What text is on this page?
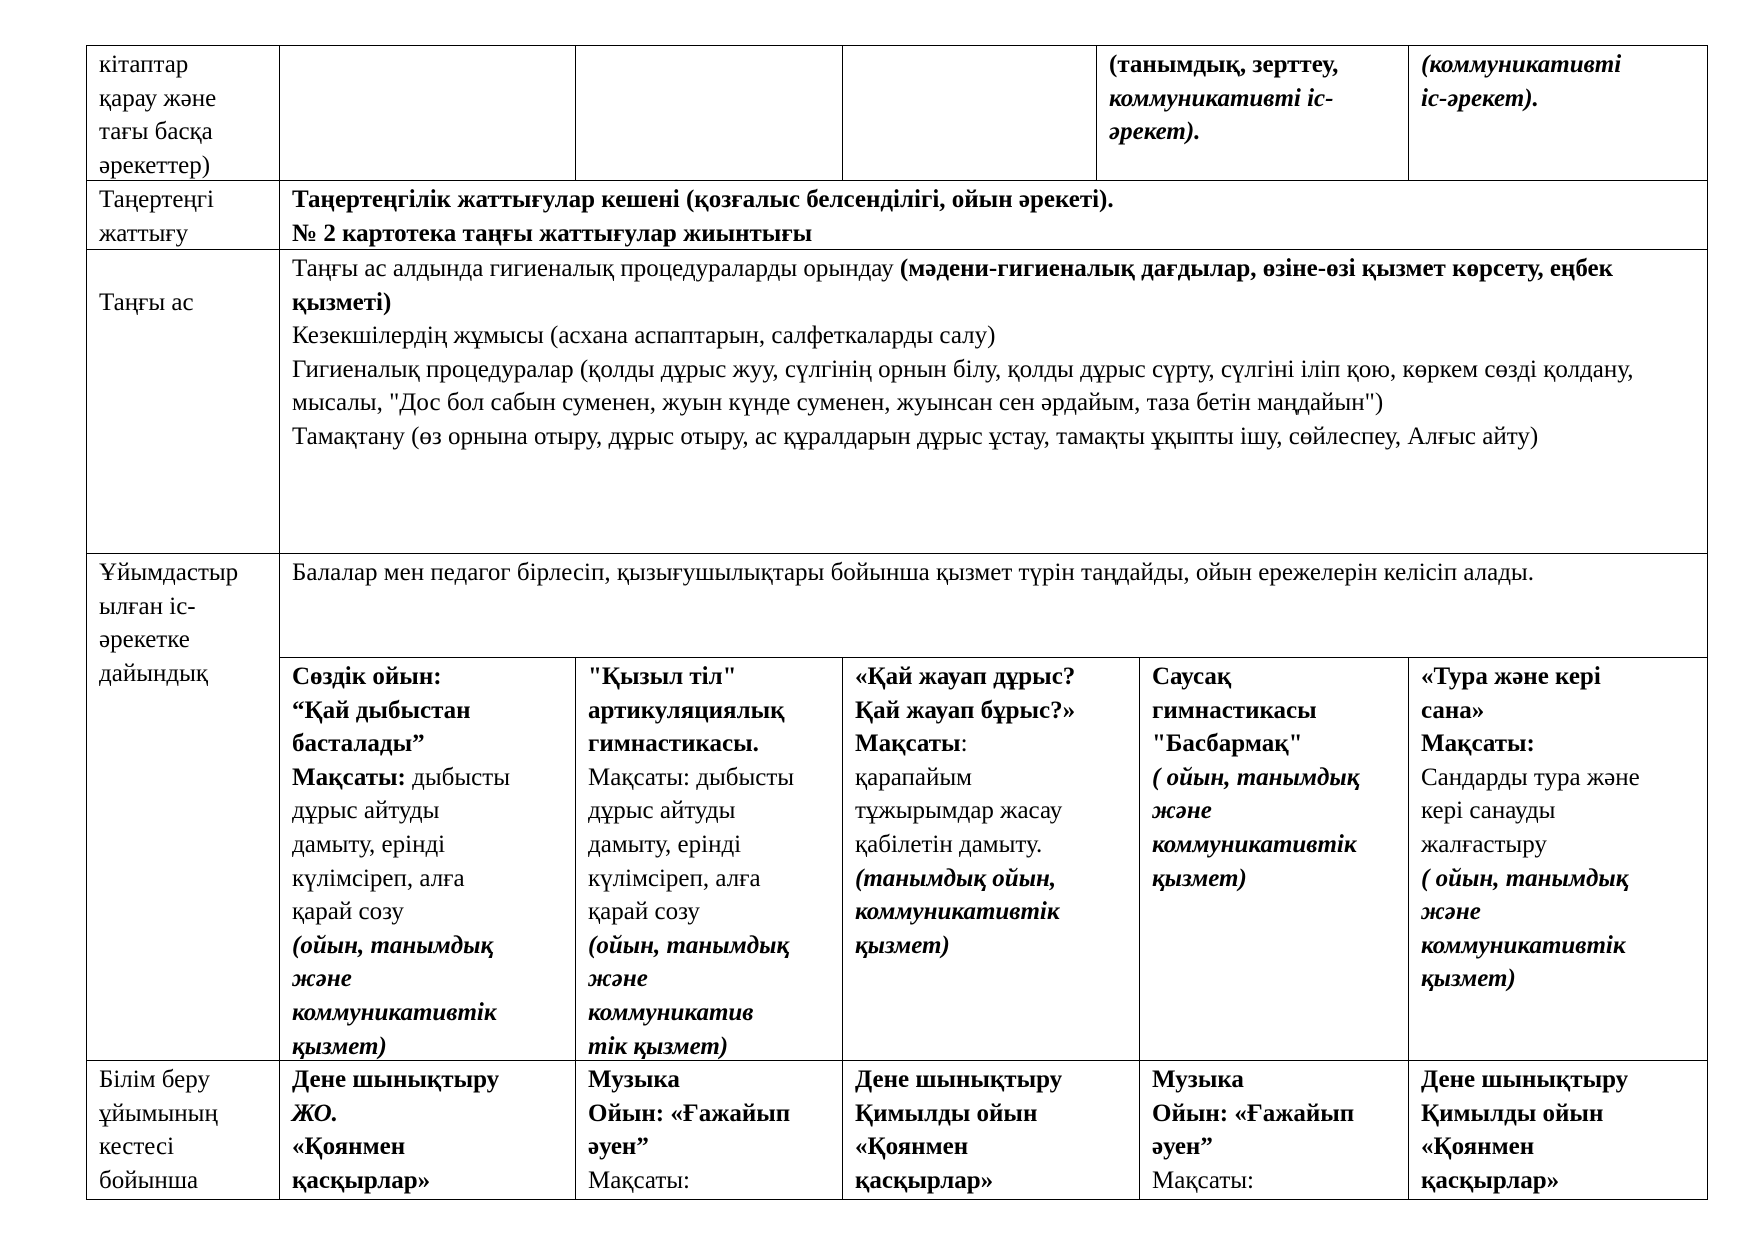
кітаптар
қарау және
тағы басқа
әрекеттер)
(танымдық, зерттеу,
коммуникативті іс-
әрекет).
(коммуникативті
іс-әрекет).
Таңертеңгі
жаттығу
Таңертеңгілік жаттығулар кешені (қозғалыс белсенділігі, ойын әрекеті).
№ 2 картотека таңғы жаттығулар жиынтығы
Таңғы ас
Таңғы ас алдында гигиеналық процедураларды орындау (мәдени-гигиеналық дағдылар, өзіне-өзі қызмет көрсету, еңбек қызметі)
Кезекшілердің жұмысы (асхана аспаптарын, салфеткаларды салу)
Гигиеналық процедуралар (қолды дұрыс жуу, сүлгінің орнын білу, қолды дұрыс сүрту, сүлгіні іліп қою, көркем сөзді қолдану, мысалы, "Дос бол сабын суменен, жуын күнде суменен, жуынсан сен әрдайым, таза бетін маңдайын")
Тамақтану (өз орнына отыру, дұрыс отыру, ас құралдарын дұрыс ұстау, тамақты ұқыпты ішу, сөйлеспеу, Алғыс айту)
Ұйымдастыр
ылған іс-
әрекетке
дайындық
Балалар мен педагог бірлесіп, қызығушылықтары бойынша қызмет түрін таңдайды, ойын ережелерін келісіп алады.
Сөздік ойын:
“Қай дыбыстан
басталады”
Мақсаты: дыбысты
дұрыс айтуды
дамыту, ерінді
күлімсіреп, алға
қарай созу
(ойын, танымдық
және
коммуникативтік
қызмет)
"Қызыл тіл"
артикуляциялық
гимнастикасы.
Мақсаты: дыбысты
дұрыс айтуды
дамыту, ерінді
күлімсіреп, алға
қарай созу
(ойын, танымдық
және
коммуникатив
тік қызмет)
«Қай жауап дұрыс?
Қай жауап бұрыс?»
Мақсаты:
қарапайым
тұжырымдар жасау
қабілетін дамыту.
(танымдық ойын,
коммуникативтік
қызмет)
Саусақ
гимнастикасы
"Басбармақ"
( ойын, танымдық
және
коммуникативтік
қызмет)
«Тура және кері
сана»
Мақсаты:
Сандарды тура және
кері санауды
жалғастыру
( ойын, танымдық
және
коммуникативтік
қызмет)
Білім беру
ұйымының
кестесі
бойынша
Дене шынықтыру
ЖО.
«Қоянмен
қасқырлар»
Музыка
Ойын: «Ғажайып
әуен”
Мақсаты:
Дене шынықтыру
Қимылды ойын
«Қоянмен
қасқырлар»
Музыка
Ойын: «Ғажайып
әуен”
Мақсаты:
Дене шынықтыру
Қимылды ойын
«Қоянмен
қасқырлар»
